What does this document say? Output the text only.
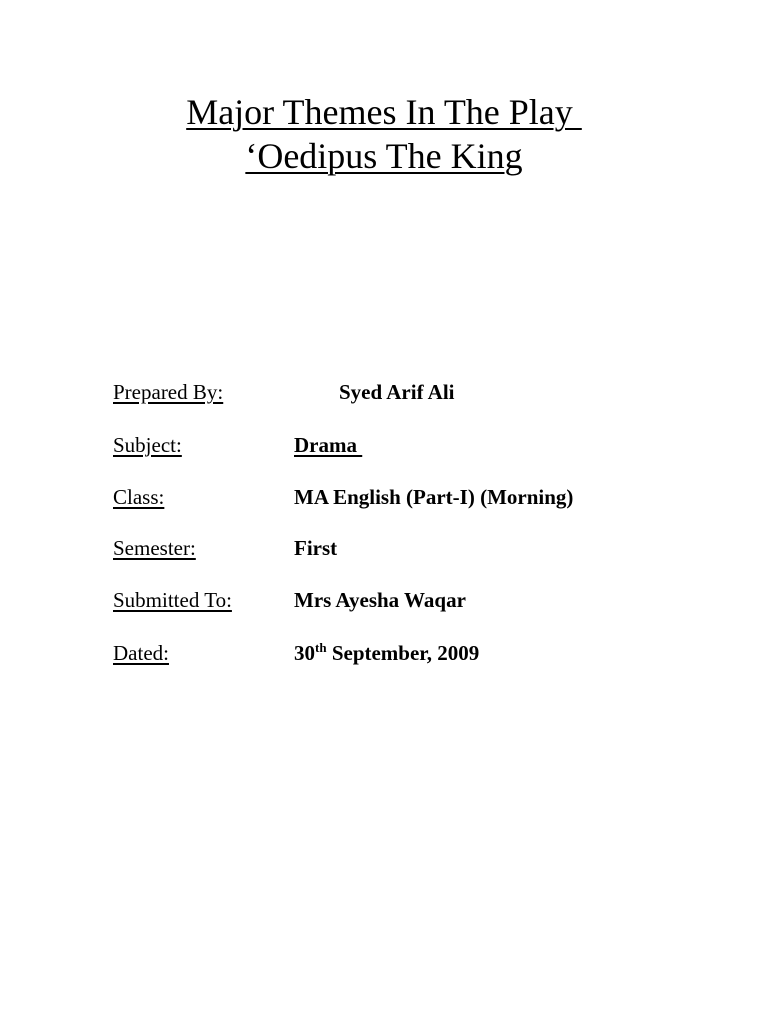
Major Themes In The Play
‘Oedipus The King
Prepared By:	Syed Arif Ali
Subject:	Drama
Class:	MA English (Part-I) (Morning)
Semester:	First
Submitted To:	Mrs Ayesha Waqar
Dated:	30th September, 2009
